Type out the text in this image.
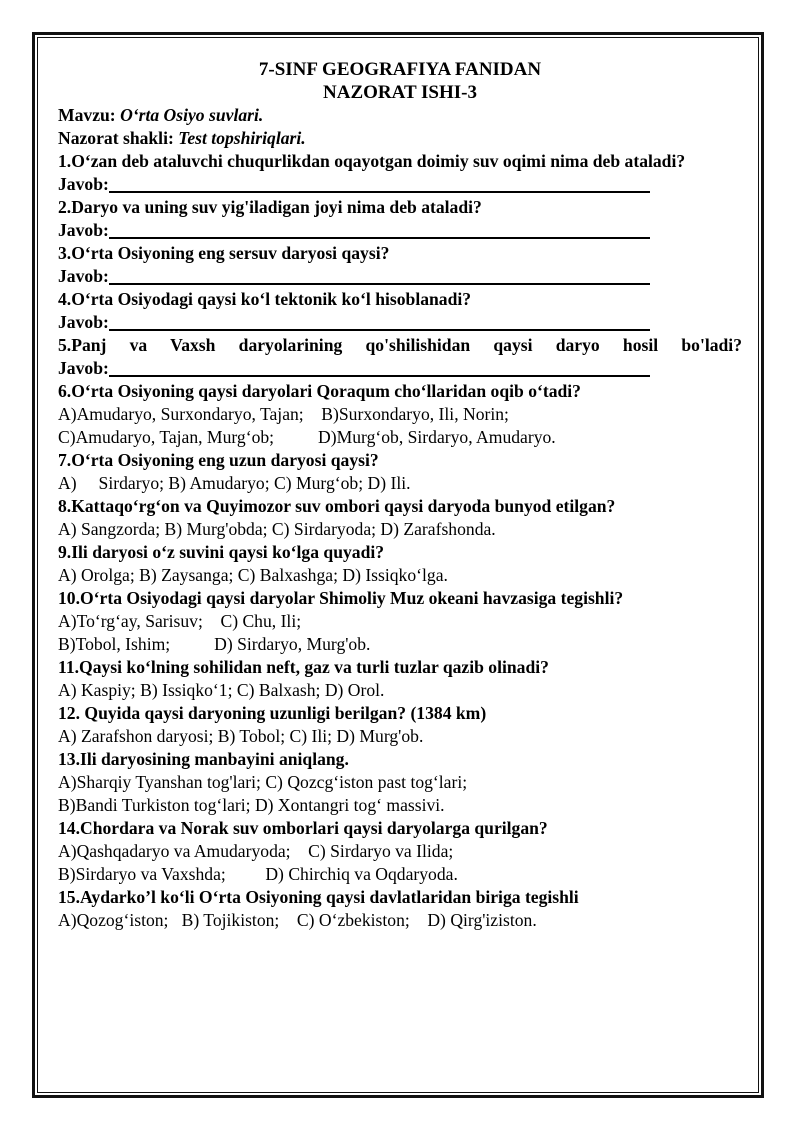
7-SINF GEOGRAFIYA FANIDAN
NAZORAT ISHI-3
Mavzu: O‘rta Osiyo suvlari.
Nazorat shakli: Test topshiriqlari.
1.O‘zan deb ataluvchi chuqurlikdan oqayotgan doimiy suv oqimi nima deb ataladi?
Javob:
2.Daryo va uning suv yig'iladigan joyi nima deb ataladi?
Javob:
3.O‘rta Osiyoning eng sersuv daryosi qaysi?
Javob:
4.O‘rta Osiyodagi qaysi ko‘l tektonik ko‘l hisoblanadi?
Javob:
5.Panj va Vaxsh daryolarining qo'shilishidan qaysi daryo hosil bo'ladi?
Javob:
6.O‘rta Osiyoning qaysi daryolari Qoraqum cho‘llaridan oqib o‘tadi?
A)Amudaryo, Surxondaryo, Tajan;    B)Surxondaryo, Ili, Norin;
C)Amudaryo, Tajan, Murg‘ob;          D)Murg‘ob, Sirdaryo, Amudaryo.
7.O‘rta Osiyoning eng uzun daryosi qaysi?
A)     Sirdaryo; B) Amudaryo; C) Murg‘ob; D) Ili.
8.Kattaqo‘rg‘on va Quyimozor suv ombori qaysi daryoda bunyod etilgan?
A) Sangzorda; B) Murg'obda; C) Sirdaryoda; D) Zarafshonda.
9.Ili daryosi o‘z suvini qaysi ko‘lga quyadi?
A) Orolga; B) Zaysanga; C) Balxashga; D) Issiqko‘lga.
10.O‘rta Osiyodagi qaysi daryolar Shimoliy Muz okeani havzasiga tegishli?
A)To‘rg‘ay, Sarisuv;    C) Chu, Ili;
B)Tobol, Ishim;          D) Sirdaryo, Murg'ob.
11.Qaysi ko‘lning sohilidan neft, gaz va turli tuzlar qazib olinadi?
A) Kaspiy; B) Issiqko‘1; C) Balxash; D) Orol.
12. Quyida qaysi daryoning uzunligi berilgan? (1384 km)
A) Zarafshon daryosi; B) Tobol; C) Ili; D) Murg'ob.
13.Ili daryosining manbayini aniqlang.
A)Sharqiy Tyanshan tog'lari; C) Qozcg‘iston past tog‘lari;
B)Bandi Turkiston tog‘lari; D) Xontangri tog‘ massivi.
14.Chordara va Norak suv omborlari qaysi daryolarga qurilgan?
A)Qashqadaryo va Amudaryoda;    C) Sirdaryo va Ilida;
B)Sirdaryo va Vaxshda;         D) Chirchiq va Oqdaryoda.
15.Aydarko’l ko‘li O‘rta Osiyoning qaysi davlatlaridan biriga tegishli
A)Qozog‘iston;   B) Tojikiston;    C) O‘zbekiston;    D) Qirg'iziston.
